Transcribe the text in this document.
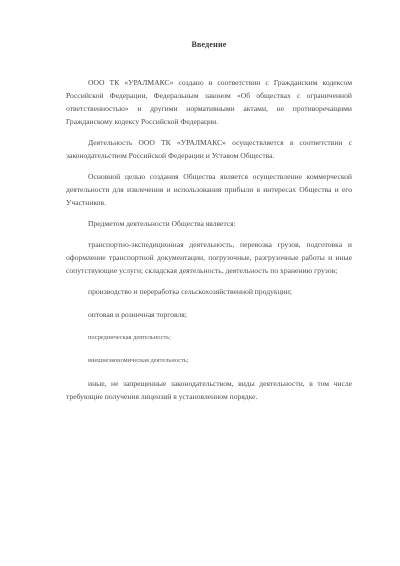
Введение

ООО ТК «УРАЛМАКС» создано в соответствии с Гражданским кодексом Российской Федерации, Федеральным законом «Об обществах с ограниченной ответственностью» и другими нормативными актами, не противоречащими Гражданскому кодексу Российской Федерации.

Деятельность ООО ТК «УРАЛМАКС» осуществляется в соответствии с законодательством Российской Федерации и Уставом Общества.

Основной целью создания Общества является осуществление коммерческой деятельности для извлечения и использования прибыли в интересах Общества и его Участников.

Предметом деятельности Общества является:

транспортно-экспедиционная деятельность, перевозка грузов, подготовка и оформление транспортной документации, погрузочные, разгрузочные работы и иные сопутствующие услуги; складская деятельность, деятельность по хранению грузов;

производство и переработка сельскохозяйственной продукции;
оптовая и розничная торговля;
посредническая деятельность;
внешнеэкономическая деятельность;

иные, не запрещенные законодательством, виды деятельности, в том числе требующие получения лицензий в установленном порядке.
